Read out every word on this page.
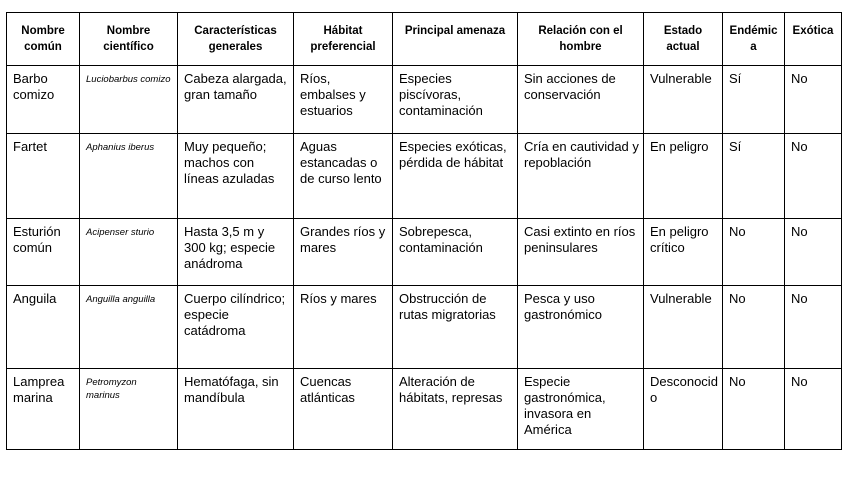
Nombre común	Nombre científico	Características generales	Hábitat preferencial	Principal amenaza	Relación con el hombre	Estado actual	Endémica	Exótica
Barbo comizo	Luciobarbus comizo	Cabeza alargada, gran tamaño	Ríos, embalses y estuarios	Especies piscívoras, contaminación	Sin acciones de conservación	Vulnerable	Sí	No
Fartet	Aphanius iberus	Muy pequeño; machos con líneas azuladas	Aguas estancadas o de curso lento	Especies exóticas, pérdida de hábitat	Cría en cautividad y repoblación	En peligro	Sí	No
Esturión común	Acipenser sturio	Hasta 3,5 m y 300 kg; especie anádroma	Grandes ríos y mares	Sobrepesca, contaminación	Casi extinto en ríos peninsulares	En peligro crítico	No	No
Anguila	Anguilla anguilla	Cuerpo cilíndrico; especie catádroma	Ríos y mares	Obstrucción de rutas migratorias	Pesca y uso gastronómico	Vulnerable	No	No
Lamprea marina	Petromyzon marinus	Hematófaga, sin mandíbula	Cuencas atlánticas	Alteración de hábitats, represas	Especie gastronómica, invasora en América	Desconocido	No	No
